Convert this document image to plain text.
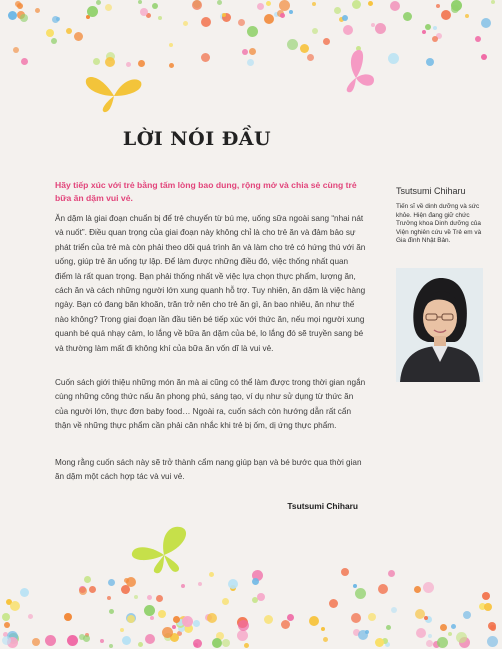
LỜI NÓI ĐẦU

Hãy tiếp xúc với trẻ bằng tấm lòng bao dung, rộng mở và chia sẻ cùng trẻ bữa ăn dặm vui vẻ.

Ăn dặm là giai đoạn chuẩn bị để trẻ chuyển từ bú mẹ, uống sữa ngoài sang “nhai nát và nuốt”. Điều quan trọng của giai đoạn này không chỉ là cho trẻ ăn và đảm bảo sự phát triển của trẻ mà còn phải theo dõi quá trình ăn và làm cho trẻ có hứng thú với ăn uống, giúp trẻ ăn uống tự lập. Để làm được những điều đó, việc thống nhất quan điểm là rất quan trọng. Bạn phải thống nhất về việc lựa chọn thực phẩm, lượng ăn, cách ăn và cách những người lớn xung quanh hỗ trợ. Tuy nhiên, ăn dặm là việc hàng ngày. Bạn có đang băn khoăn, trăn trở nên cho trẻ ăn gì, ăn bao nhiêu, ăn như thế nào không? Trong giai đoạn lần đầu tiên bé tiếp xúc với thức ăn, nếu mọi người xung quanh bé quá nhạy cảm, lo lắng về bữa ăn dặm của bé, lo lắng đó sẽ truyền sang bé và thường làm mất đi không khí của bữa ăn vốn dĩ là vui vẻ.

Cuốn sách giới thiệu những món ăn mà ai cũng có thể làm được trong thời gian ngắn cùng những công thức nấu ăn phong phú, sáng tạo, ví dụ như sử dụng từ thức ăn của người lớn, thực đơn baby food… Ngoài ra, cuốn sách còn hướng dẫn rất cẩn thận về những thực phẩm cần phải cân nhắc khi trẻ bị ốm, dị ứng thực phẩm.

Mong rằng cuốn sách này sẽ trở thành cẩm nang giúp bạn và bé bước qua thời gian ăn dặm một cách hợp tác và vui vẻ.

Tsutsumi Chiharu

Tsutsumi Chiharu

Tiến sĩ về dinh dưỡng và sức khỏe. Hiện đang giữ chức Trưởng khoa Dinh dưỡng của Viện nghiên cứu về Trẻ em và Gia đình Nhật Bản.
